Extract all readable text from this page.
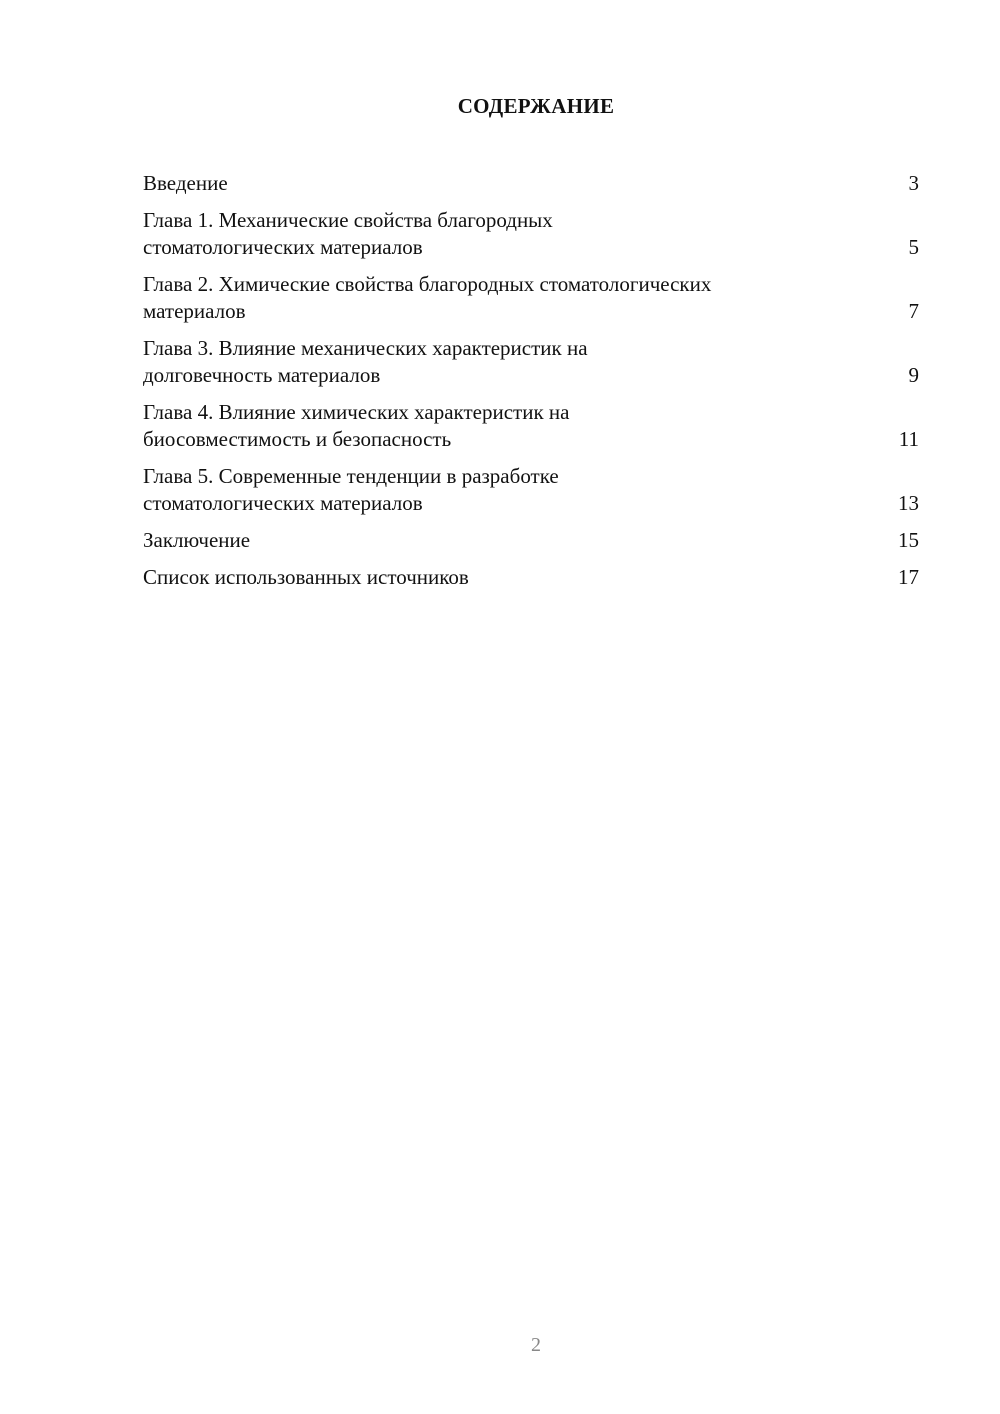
СОДЕРЖАНИЕ
Введение	3
Глава 1. Механические свойства благородных
стоматологических материалов	5
Глава 2. Химические свойства благородных стоматологических
материалов	7
Глава 3. Влияние механических характеристик на
долговечность материалов	9
Глава 4. Влияние химических характеристик на
биосовместимость и безопасность	11
Глава 5. Современные тенденции в разработке
стоматологических материалов	13
Заключение	15
Список использованных источников	17
2
